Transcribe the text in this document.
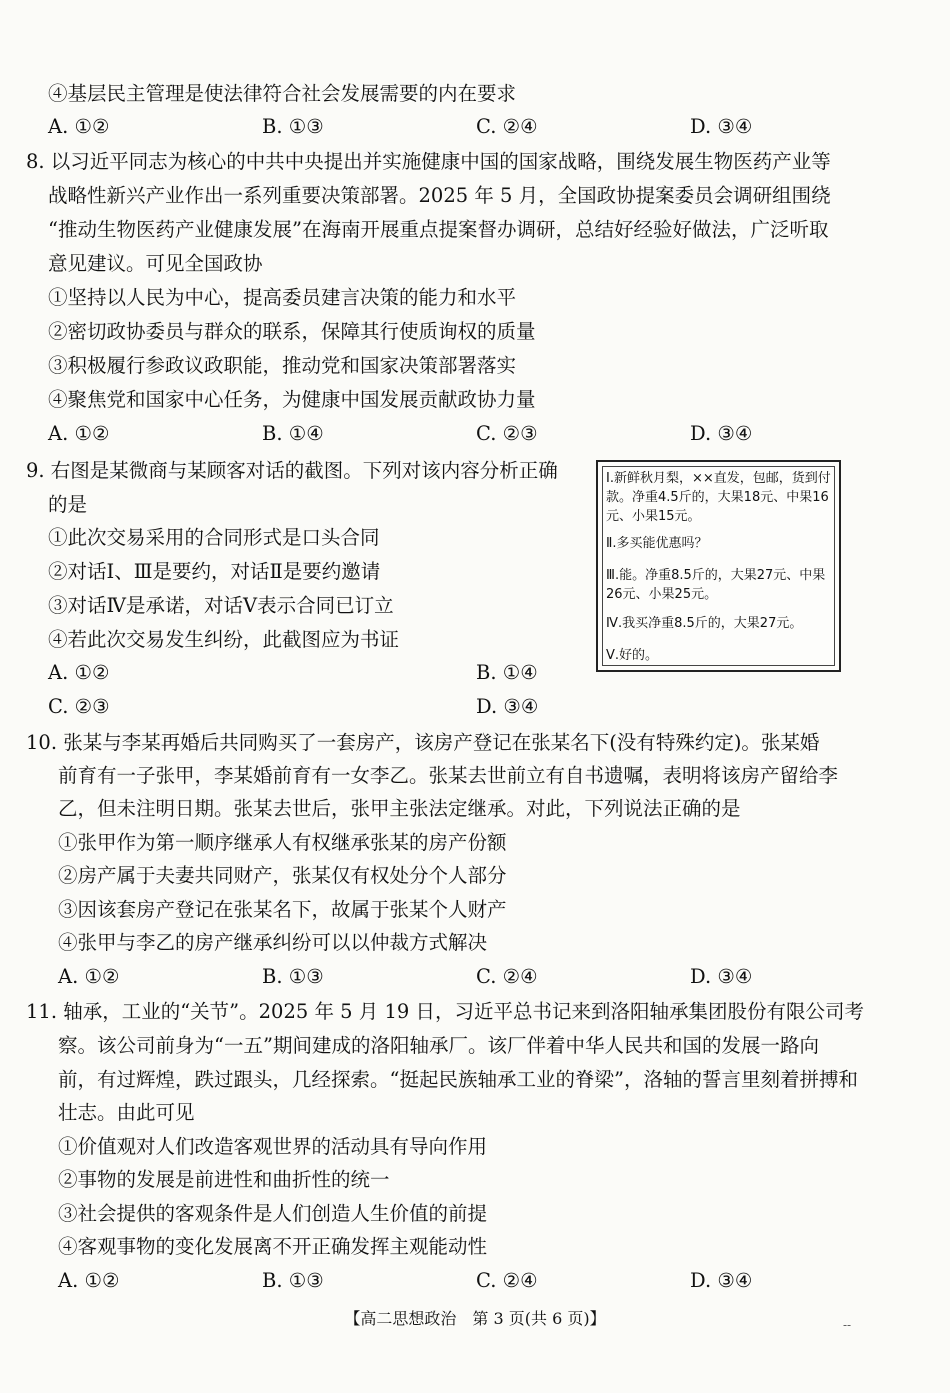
④基层民主管理是使法律符合社会发展需要的内在要求
A. ①②	B. ①③	C. ②④	D. ③④
8. 以习近平同志为核心的中共中央提出并实施健康中国的国家战略，围绕发展生物医药产业等
战略性新兴产业作出一系列重要决策部署。2025 年 5 月，全国政协提案委员会调研组围绕
“推动生物医药产业健康发展”在海南开展重点提案督办调研，总结好经验好做法，广泛听取
意见建议。可见全国政协
①坚持以人民为中心，提高委员建言决策的能力和水平
②密切政协委员与群众的联系，保障其行使质询权的质量
③积极履行参政议政职能，推动党和国家决策部署落实
④聚焦党和国家中心任务，为健康中国发展贡献政协力量
A. ①②	B. ①④	C. ②③	D. ③④
9. 右图是某微商与某顾客对话的截图。下列对该内容分析正确
的是
①此次交易采用的合同形式是口头合同
②对话Ⅰ、Ⅲ是要约，对话Ⅱ是要约邀请
③对话Ⅳ是承诺，对话Ⅴ表示合同已订立
④若此次交易发生纠纷，此截图应为书证
A. ①②	B. ①④
C. ②③	D. ③④
Ⅰ.新鲜秋月梨，××直发，包邮，货到付款。净重4.5斤的，大果18元、中果16元、小果15元。
Ⅱ.多买能优惠吗？
Ⅲ.能。净重8.5斤的，大果27元、中果26元、小果25元。
Ⅳ.我买净重8.5斤的，大果27元。
Ⅴ.好的。
10. 张某与李某再婚后共同购买了一套房产，该房产登记在张某名下(没有特殊约定)。张某婚
前育有一子张甲，李某婚前育有一女李乙。张某去世前立有自书遗嘱，表明将该房产留给李
乙，但未注明日期。张某去世后，张甲主张法定继承。对此，下列说法正确的是
①张甲作为第一顺序继承人有权继承张某的房产份额
②房产属于夫妻共同财产，张某仅有权处分个人部分
③因该套房产登记在张某名下，故属于张某个人财产
④张甲与李乙的房产继承纠纷可以以仲裁方式解决
A. ①②	B. ①③	C. ②④	D. ③④
11. 轴承，工业的“关节”。2025 年 5 月 19 日，习近平总书记来到洛阳轴承集团股份有限公司考
察。该公司前身为“一五”期间建成的洛阳轴承厂。该厂伴着中华人民共和国的发展一路向
前，有过辉煌，跌过跟头，几经探索。“挺起民族轴承工业的脊梁”，洛轴的誓言里刻着拼搏和
壮志。由此可见
①价值观对人们改造客观世界的活动具有导向作用
②事物的发展是前进性和曲折性的统一
③社会提供的客观条件是人们创造人生价值的前提
④客观事物的变化发展离不开正确发挥主观能动性
A. ①②	B. ①③	C. ②④	D. ③④
【高二思想政治　第 3 页(共 6 页)】	--
